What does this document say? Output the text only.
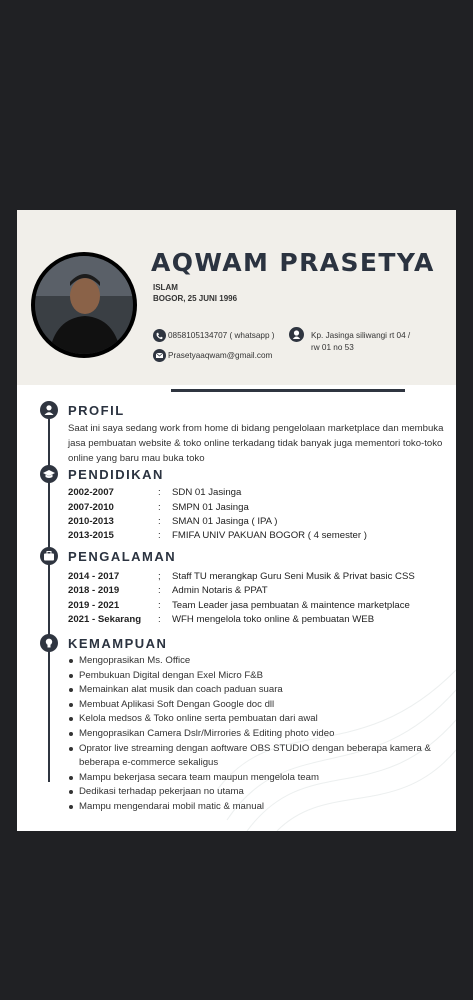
AQWAM PRASETYA
ISLAM
BOGOR, 25 JUNI 1996
0858105134707 ( whatsapp )	Kp. Jasinga siliwangi rt 04 /
rw 01 no 53
Prasetyaaqwam@gmail.com
PROFIL

Saat ini saya sedang work from home di bidang pengelolaan marketplace dan membuka jasa pembuatan website & toko online terkadang tidak banyak juga mementori toko-toko online yang baru mau buka toko

PENDIDIKAN
2002-2007	: SDN 01 Jasinga
2007-2010	: SMPN 01 Jasinga
2010-2013	: SMAN 01 Jasinga ( IPA )
2013-2015	: FMIFA UNIV PAKUAN BOGOR ( 4 semester )
PENGALAMAN
2014 - 2017	; Staff TU merangkap Guru Seni Musik & Privat basic CSS
2018 - 2019	: Admin Notaris & PPAT
2019 - 2021	: Team Leader jasa pembuatan & maintence marketplace
2021 - Sekarang : WFH mengelola toko online & pembuatan WEB
KEMAMPUAN
Mengoprasikan Ms. Office
Pembukuan Digital dengan Exel Micro F&B
Memainkan alat musik dan coach paduan suara
Membuat Aplikasi Soft Dengan Google doc dll
Kelola medsos & Toko online serta pembuatan dari awal
Mengoprasikan Camera Dslr/Mirrories & Editing photo video
Oprator live streaming dengan aoftware OBS STUDIO dengan beberapa kamera & beberapa e-commerce sekaligus
Mampu bekerjasa secara team maupun mengelola team
Dedikasi terhadap pekerjaan no utama
Mampu mengendarai mobil matic & manual
